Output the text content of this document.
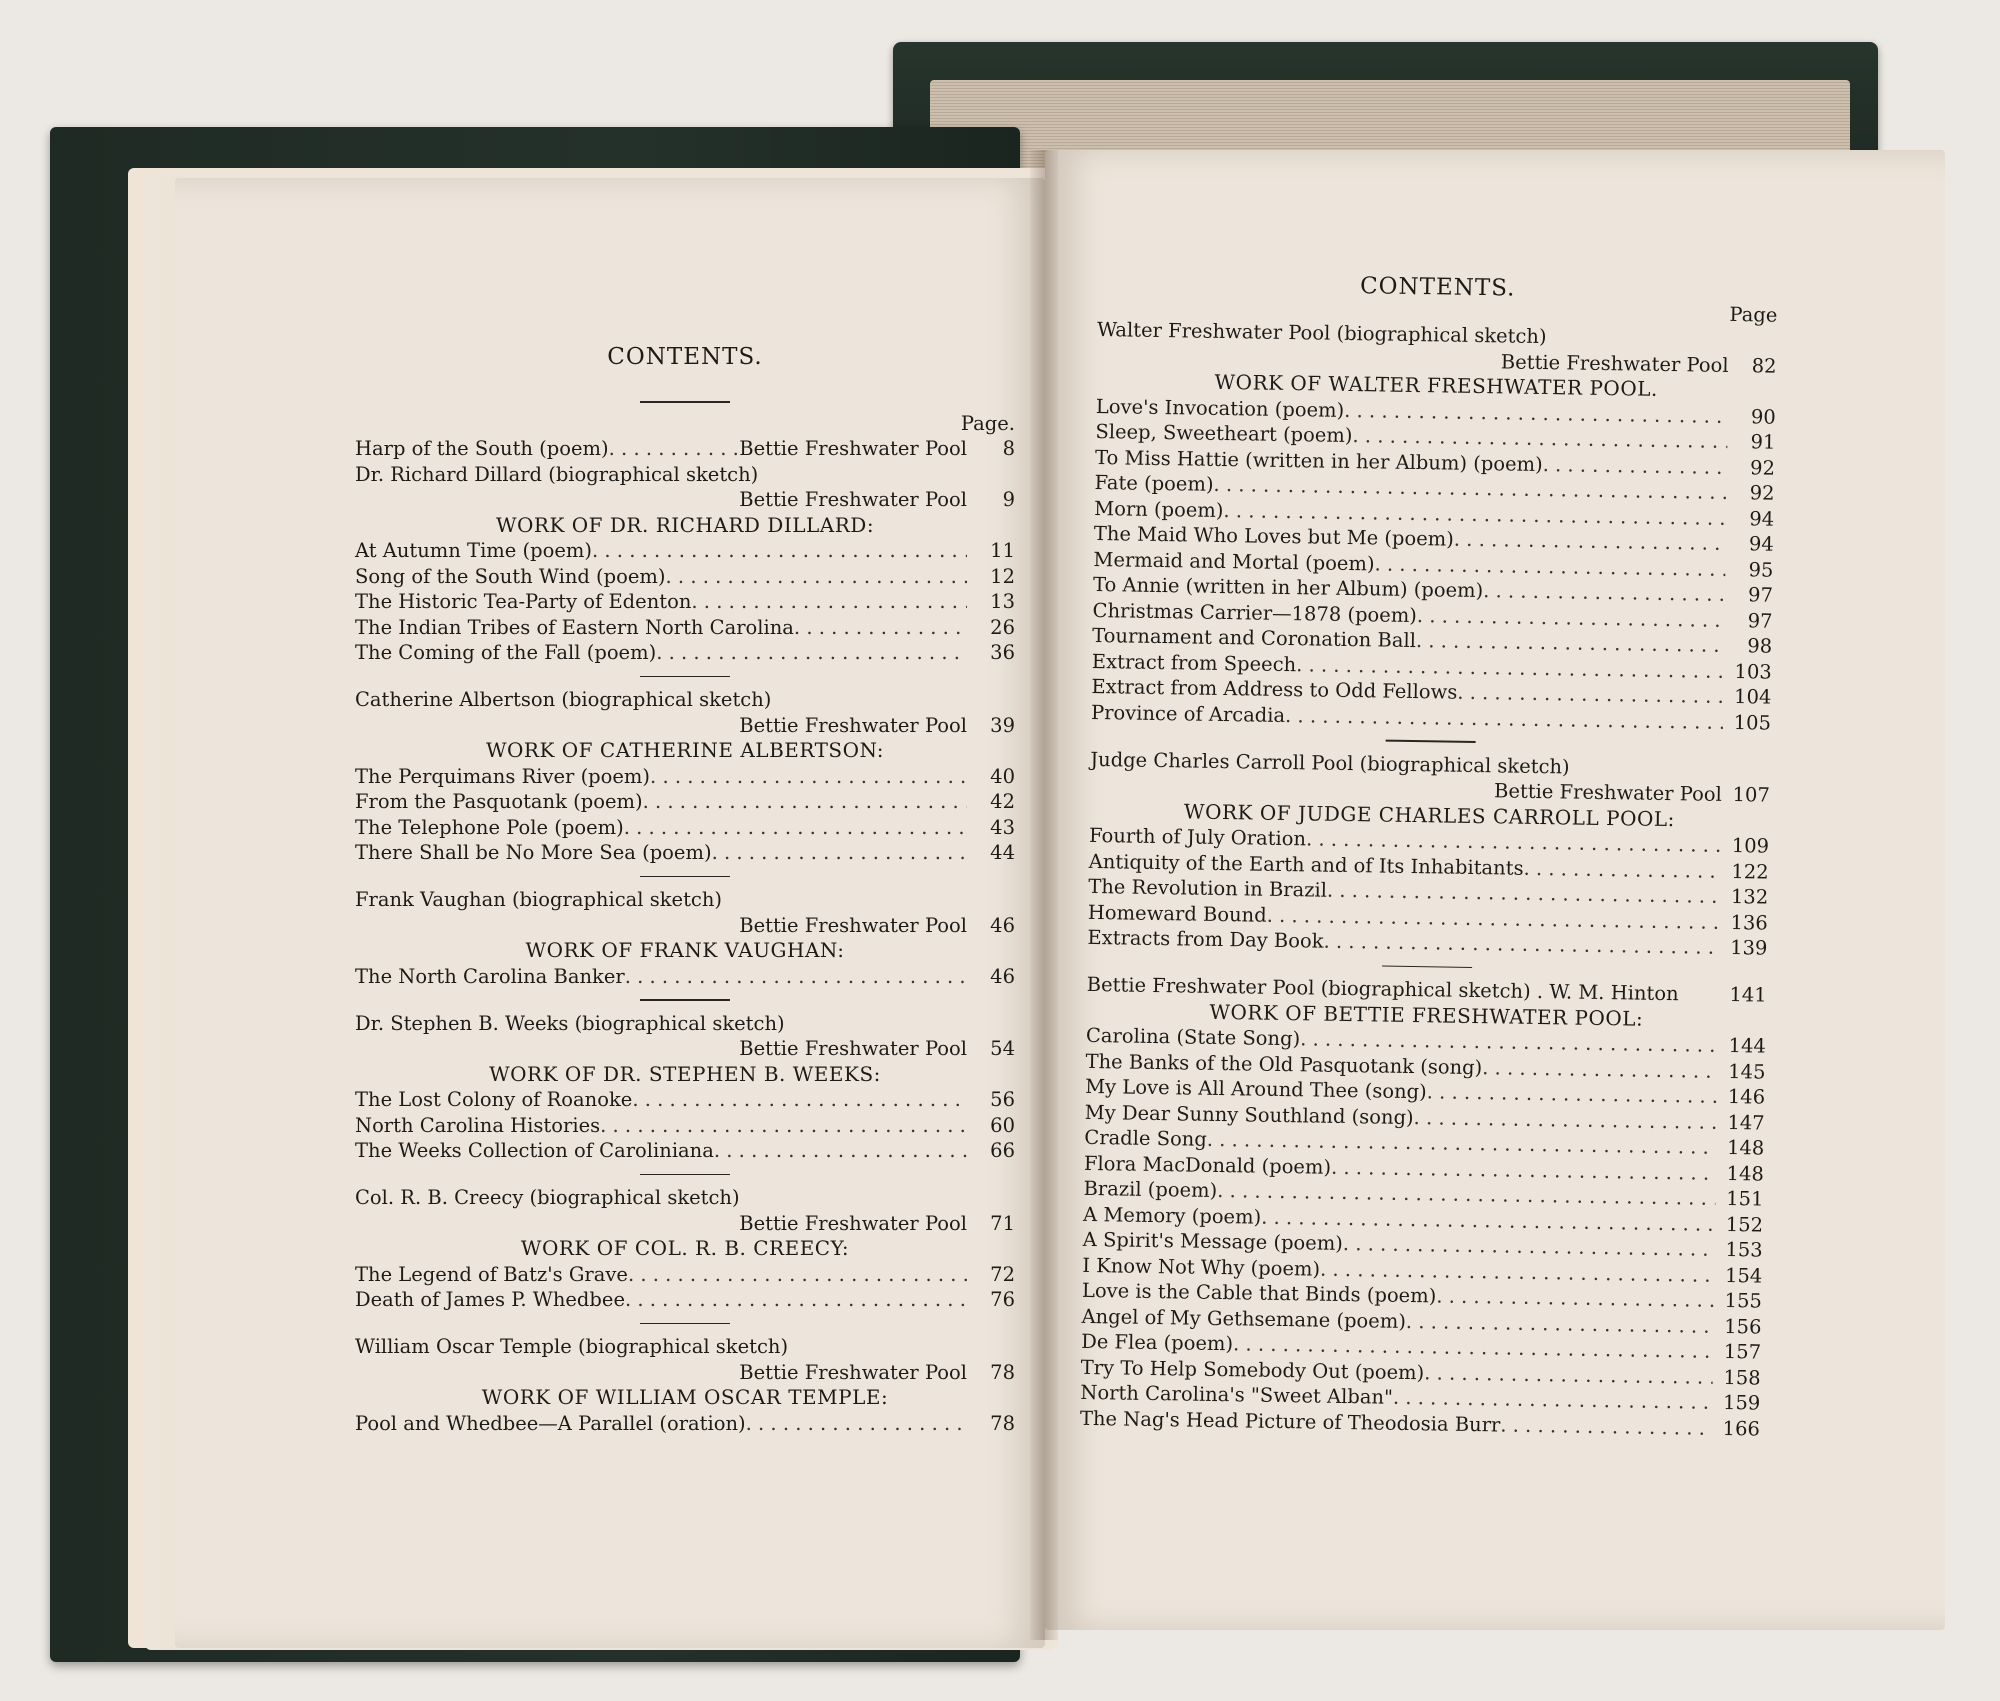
CONTENTS.
Page.
Harp of the South (poem) . . .	Bettie Freshwater Pool	8
Dr. Richard Dillard (biographical sketch)
Bettie Freshwater Pool	9
WORK OF DR. RICHARD DILLARD:
At Autumn Time (poem) . . .	11
Song of the South Wind (poem) . . .	12
The Historic Tea-Party of Edenton . . .	13
The Indian Tribes of Eastern North Carolina . . .	26
The Coming of the Fall (poem) . . .	36
Catherine Albertson (biographical sketch)
Bettie Freshwater Pool	39
WORK OF CATHERINE ALBERTSON:
The Perquimans River (poem) . . .	40
From the Pasquotank (poem) . . .	42
The Telephone Pole (poem) . . .	43
There Shall be No More Sea (poem) . . .	44
Frank Vaughan (biographical sketch)
Bettie Freshwater Pool	46
WORK OF FRANK VAUGHAN:
The North Carolina Banker . . .	46
Dr. Stephen B. Weeks (biographical sketch)
Bettie Freshwater Pool	54
WORK OF DR. STEPHEN B. WEEKS:
The Lost Colony of Roanoke . . .	56
North Carolina Histories . . .	60
The Weeks Collection of Caroliniana . . .	66
Col. R. B. Creecy (biographical sketch)
Bettie Freshwater Pool	71
WORK OF COL. R. B. CREECY:
The Legend of Batz's Grave . . .	72
Death of James P. Whedbee . . .	76
William Oscar Temple (biographical sketch)
Bettie Freshwater Pool	78
WORK OF WILLIAM OSCAR TEMPLE:
Pool and Whedbee—A Parallel (oration) . . .	78
CONTENTS.
Page
Walter Freshwater Pool (biographical sketch)
Bettie Freshwater Pool	82
WORK OF WALTER FRESHWATER POOL.
Love's Invocation (poem) . . .	90
Sleep, Sweetheart (poem) . . .	91
To Miss Hattie (written in her Album) (poem) . . .	92
Fate (poem) . . .	92
Morn (poem) . . .	94
The Maid Who Loves but Me (poem) . . .	94
Mermaid and Mortal (poem) . . .	95
To Annie (written in her Album) (poem) . . .	97
Christmas Carrier—1878 (poem) . . .	97
Tournament and Coronation Ball . . .	98
Extract from Speech . . .	103
Extract from Address to Odd Fellows . . .	104
Province of Arcadia . . .	105
Judge Charles Carroll Pool (biographical sketch)
Bettie Freshwater Pool 107
WORK OF JUDGE CHARLES CARROLL POOL:
Fourth of July Oration . . .	109
Antiquity of the Earth and of Its Inhabitants . . .	122
The Revolution in Brazil . . .	132
Homeward Bound . . .	136
Extracts from Day Book . . .	139
Bettie Freshwater Pool (biographical sketch) . W. M. Hinton	141
WORK OF BETTIE FRESHWATER POOL:
Carolina (State Song) . . .	144
The Banks of the Old Pasquotank (song) . . .	145
My Love is All Around Thee (song) . . .	146
My Dear Sunny Southland (song) . . .	147
Cradle Song . . .	148
Flora MacDonald (poem) . . .	148
Brazil (poem) . . .	151
A Memory (poem) . . .	152
A Spirit's Message (poem) . . .	153
I Know Not Why (poem) . . .	154
Love is the Cable that Binds (poem) . . .	155
Angel of My Gethsemane (poem) . . .	156
De Flea (poem) . . .	157
Try To Help Somebody Out (poem) . . .	158
North Carolina's "Sweet Alban" . . .	159
The Nag's Head Picture of Theodosia Burr . . .	166
